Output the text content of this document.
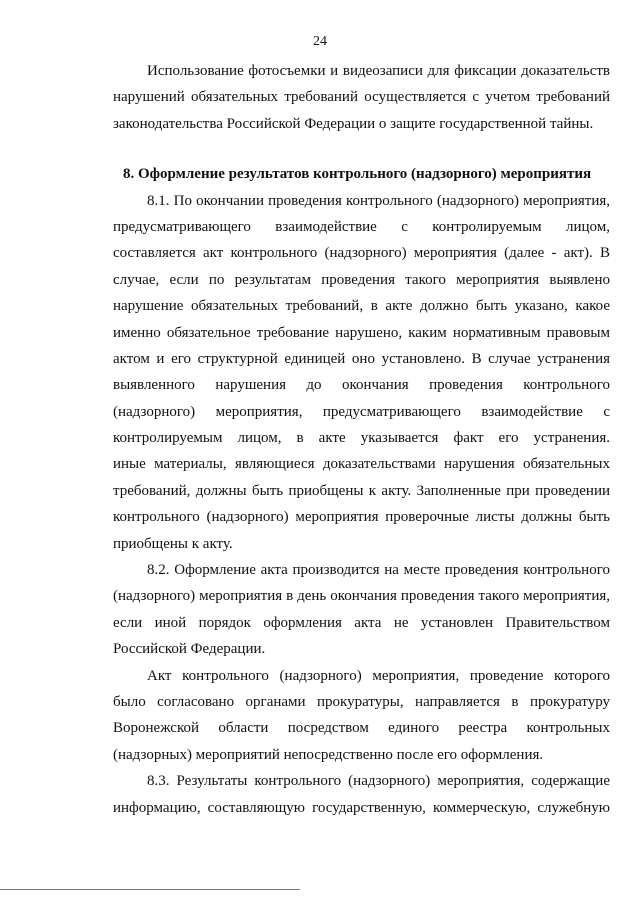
24
Использование фотосъемки и видеозаписи для фиксации доказательств
нарушений обязательных требований осуществляется с учетом требований
законодательства Российской Федерации о защите государственной тайны.
8. Оформление результатов контрольного (надзорного) мероприятия
8.1. По окончании проведения контрольного (надзорного) мероприятия,
предусматривающего взаимодействие с контролируемым лицом,
составляется акт контрольного (надзорного) мероприятия (далее - акт). В
случае, если по результатам проведения такого мероприятия выявлено
нарушение обязательных требований, в акте должно быть указано, какое
именно обязательное требование нарушено, каким нормативным правовым
актом и его структурной единицей оно установлено. В случае устранения
выявленного нарушения до окончания проведения контрольного
(надзорного) мероприятия, предусматривающего взаимодействие с
контролируемым лицом, в акте указывается факт его устранения.
иные материалы, являющиеся доказательствами нарушения обязательных
требований, должны быть приобщены к акту. Заполненные при проведении
контрольного (надзорного) мероприятия проверочные листы должны быть
приобщены к акту.
8.2. Оформление акта производится на месте проведения контрольного
(надзорного) мероприятия в день окончания проведения такого мероприятия,
если иной порядок оформления акта не установлен Правительством
Российской Федерации.
Акт контрольного (надзорного) мероприятия, проведение которого
было согласовано органами прокуратуры, направляется в прокуратуру
Воронежской области посредством единого реестра контрольных
(надзорных) мероприятий непосредственно после его оформления.
8.3. Результаты контрольного (надзорного) мероприятия, содержащие
информацию, составляющую государственную, коммерческую, служебную
